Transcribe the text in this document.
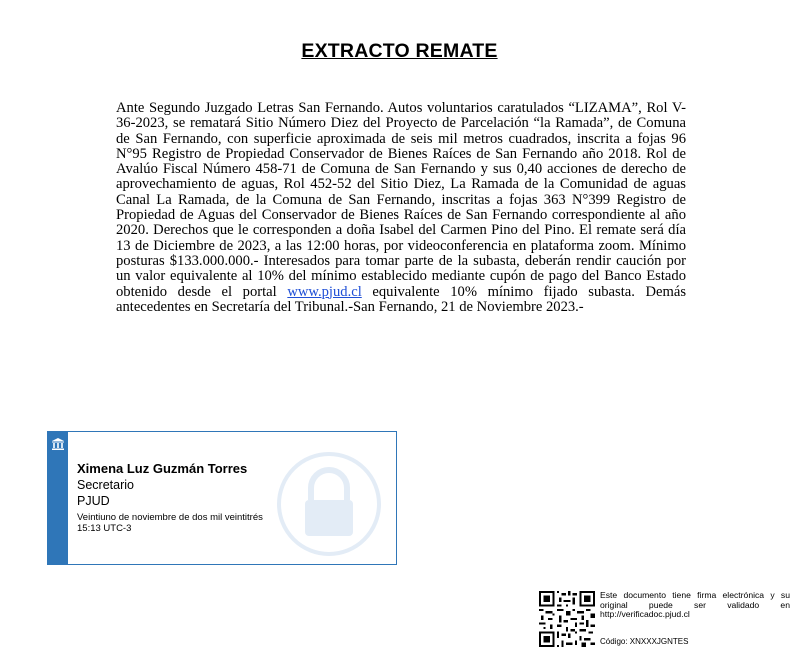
EXTRACTO REMATE
Ante Segundo Juzgado Letras San Fernando. Autos voluntarios caratulados “LIZAMA”, Rol V-36-2023, se rematará Sitio Número Diez del Proyecto de Parcelación “la Ramada”, de Comuna de San Fernando, con superficie aproximada de seis mil metros cuadrados, inscrita a fojas 96 N°95 Registro de Propiedad Conservador de Bienes Raíces de San Fernando año 2018. Rol de Avalúo Fiscal Número 458-71 de Comuna de San Fernando y sus 0,40 acciones de derecho de aprovechamiento de aguas, Rol 452-52 del Sitio Diez, La Ramada de la Comunidad de aguas Canal La Ramada, de la Comuna de San Fernando, inscritas a fojas 363 N°399 Registro de Propiedad de Aguas del Conservador de Bienes Raíces de San Fernando correspondiente al año 2020. Derechos que le corresponden a doña Isabel del Carmen Pino del Pino. El remate será día 13 de Diciembre de 2023, a las 12:00 horas, por videoconferencia en plataforma zoom. Mínimo posturas $133.000.000.- Interesados para tomar parte de la subasta, deberán rendir caución por un valor equivalente al 10% del mínimo establecido mediante cupón de pago del Banco Estado obtenido desde el portal www.pjud.cl equivalente 10% mínimo fijado subasta. Demás antecedentes en Secretaría del Tribunal.-San Fernando, 21 de Noviembre 2023.-
Ximena Luz Guzmán Torres
Secretario
PJUD
Veintiuno de noviembre de dos mil veintitrés
15:13 UTC-3
Este documento tiene firma electrónica y su original puede ser validado en http://verificadoc.pjud.cl
Código: XNXXXJGNTES
